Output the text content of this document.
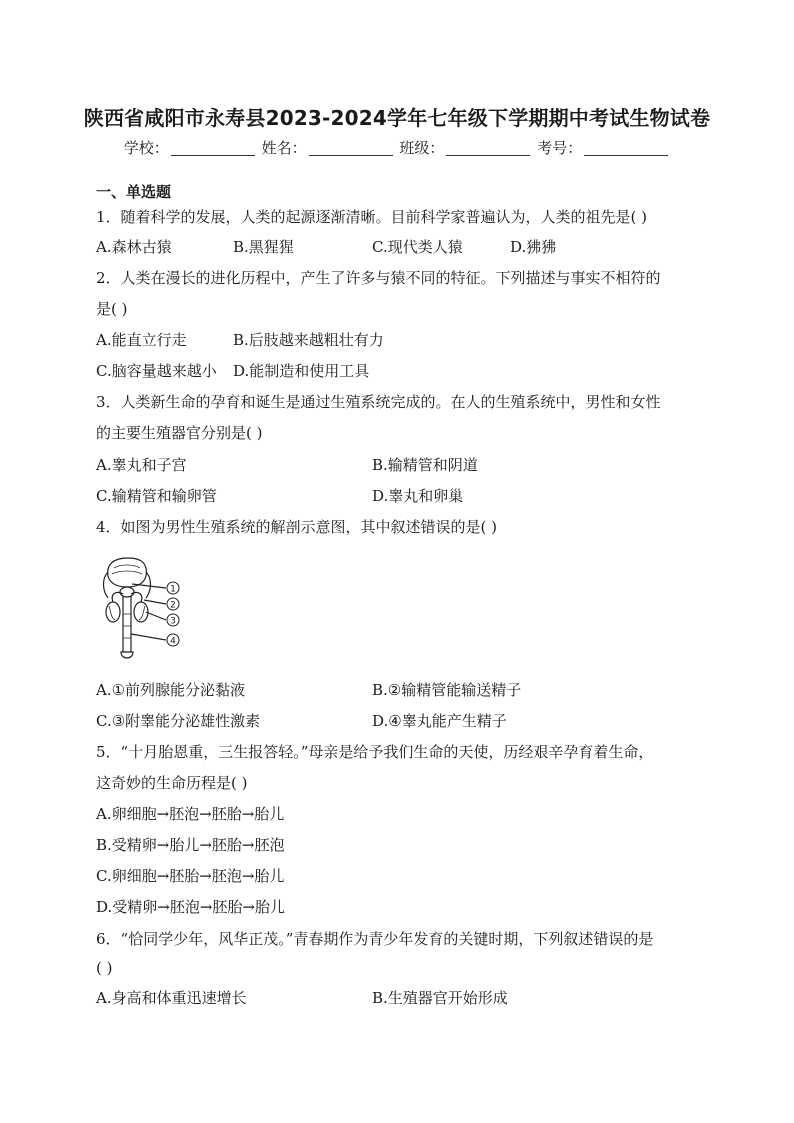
陕西省咸阳市永寿县2023-2024学年七年级下学期期中考试生物试卷
学校：	姓名：	班级：	考号：
一、单选题
1．随着科学的发展，人类的起源逐渐清晰。目前科学家普遍认为，人类的祖先是( )
A.森林古猿	B.黑猩猩	C.现代类人猿	D.狒狒
2．人类在漫长的进化历程中，产生了许多与猿不同的特征。下列描述与事实不相符的
是( )
A.能直立行走	B.后肢越来越粗壮有力
C.脑容量越来越小 D.能制造和使用工具
3．人类新生命的孕育和诞生是通过生殖系统完成的。在人的生殖系统中，男性和女性
的主要生殖器官分别是( )
A.睾丸和子宫	B.输精管和阴道
C.输精管和输卵管	D.睾丸和卵巢
4．如图为男性生殖系统的解剖示意图，其中叙述错误的是( )
1
2
3
4
A.①前列腺能分泌黏液	B.②输精管能输送精子
C.③附睾能分泌雄性激素	D.④睾丸能产生精子
5．“十月胎恩重，三生报答轻。”母亲是给予我们生命的天使，历经艰辛孕育着生命，
这奇妙的生命历程是( )
A.卵细胞→胚泡→胚胎→胎儿
B.受精卵→胎儿→胚胎→胚泡
C.卵细胞→胚胎→胚泡→胎儿
D.受精卵→胚泡→胚胎→胎儿
6．“恰同学少年，风华正茂。”青春期作为青少年发育的关键时期，下列叙述错误的是
( )
A.身高和体重迅速增长	B.生殖器官开始形成
